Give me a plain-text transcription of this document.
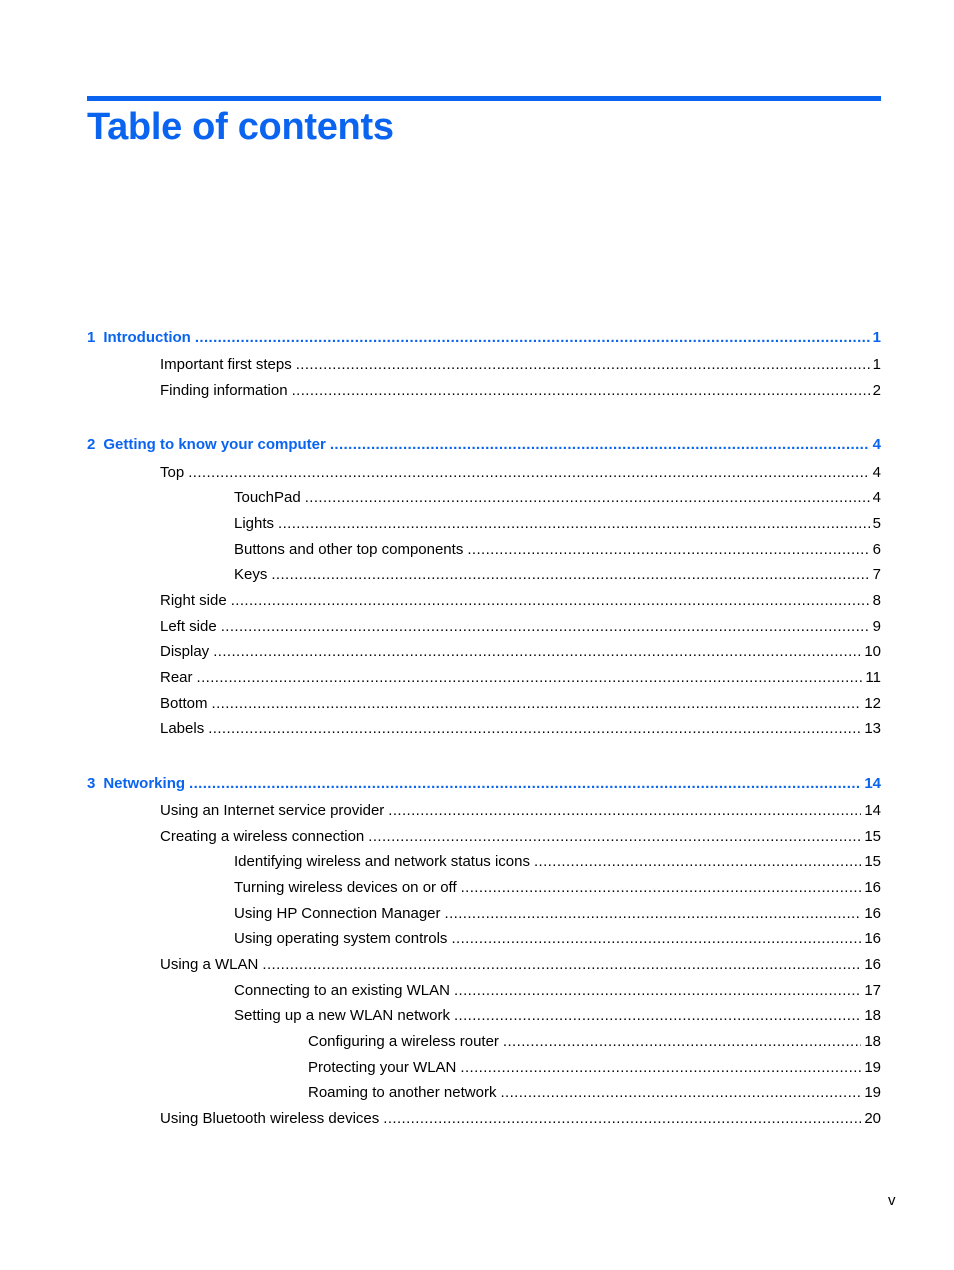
Table of contents
1 Introduction .....	1
Important first steps .....	1
Finding information .....	2
2 Getting to know your computer .....	4
Top .....	4
TouchPad .....	4
Lights .....	5
Buttons and other top components .....	6
Keys .....	7
Right side .....	8
Left side .....	9
Display .....	10
Rear .....	11
Bottom .....	12
Labels .....	13
3 Networking .....	14
Using an Internet service provider .....	14
Creating a wireless connection .....	15
Identifying wireless and network status icons .....	15
Turning wireless devices on or off .....	16
Using HP Connection Manager .....	16
Using operating system controls .....	16
Using a WLAN .....	16
Connecting to an existing WLAN .....	17
Setting up a new WLAN network .....	18
Configuring a wireless router .....	18
Protecting your WLAN .....	19
Roaming to another network .....	19
Using Bluetooth wireless devices .....	20
v
